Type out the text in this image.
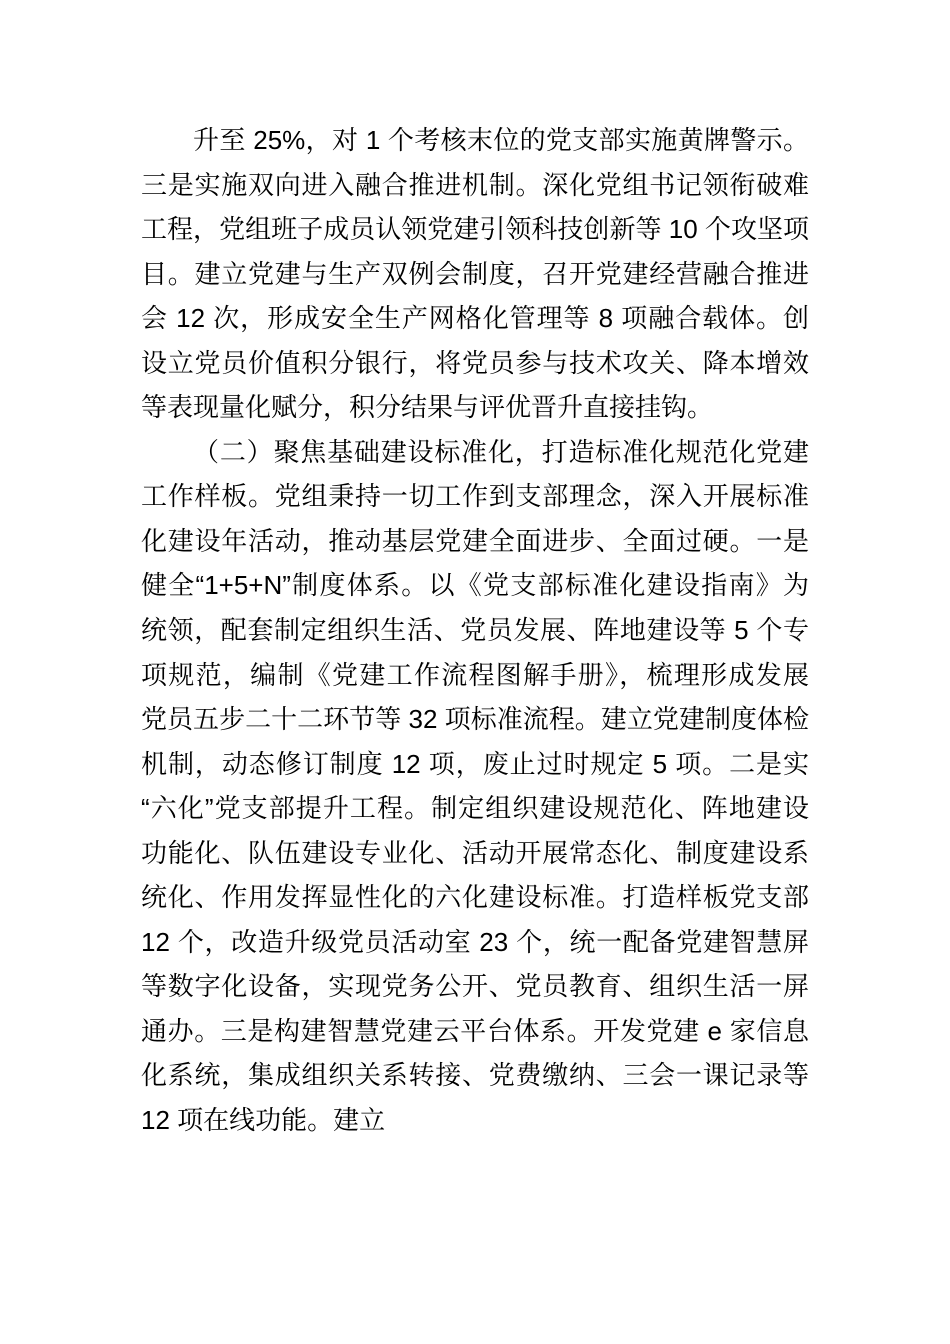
升至 25%，对 1 个考核末位的党支部实施黄牌警示。
三是实施双向进入融合推进机制。深化党组书记领衔破难
工程，党组班子成员认领党建引领科技创新等 10 个攻坚项
目。建立党建与生产双例会制度，召开党建经营融合推进
会 12 次，形成安全生产网格化管理等 8 项融合载体。创
设立党员价值积分银行，将党员参与技术攻关、降本增效
等表现量化赋分，积分结果与评优晋升直接挂钩。
（二）聚焦基础建设标准化，打造标准化规范化党建
工作样板。党组秉持一切工作到支部理念，深入开展标准
化建设年活动，推动基层党建全面进步、全面过硬。一是
健全“1+5+N”制度体系。以《党支部标准化建设指南》为
统领，配套制定组织生活、党员发展、阵地建设等 5 个专
项规范，编制《党建工作流程图解手册》，梳理形成发展
党员五步二十二环节等 32 项标准流程。建立党建制度体检
机制，动态修订制度 12 项，废止过时规定 5 项。二是实
“六化”党支部提升工程。制定组织建设规范化、阵地建设
功能化、队伍建设专业化、活动开展常态化、制度建设系
统化、作用发挥显性化的六化建设标准。打造样板党支部
12 个，改造升级党员活动室 23 个，统一配备党建智慧屏
等数字化设备，实现党务公开、党员教育、组织生活一屏
通办。三是构建智慧党建云平台体系。开发党建 e 家信息
化系统，集成组织关系转接、党费缴纳、三会一课记录等
12 项在线功能。建立
